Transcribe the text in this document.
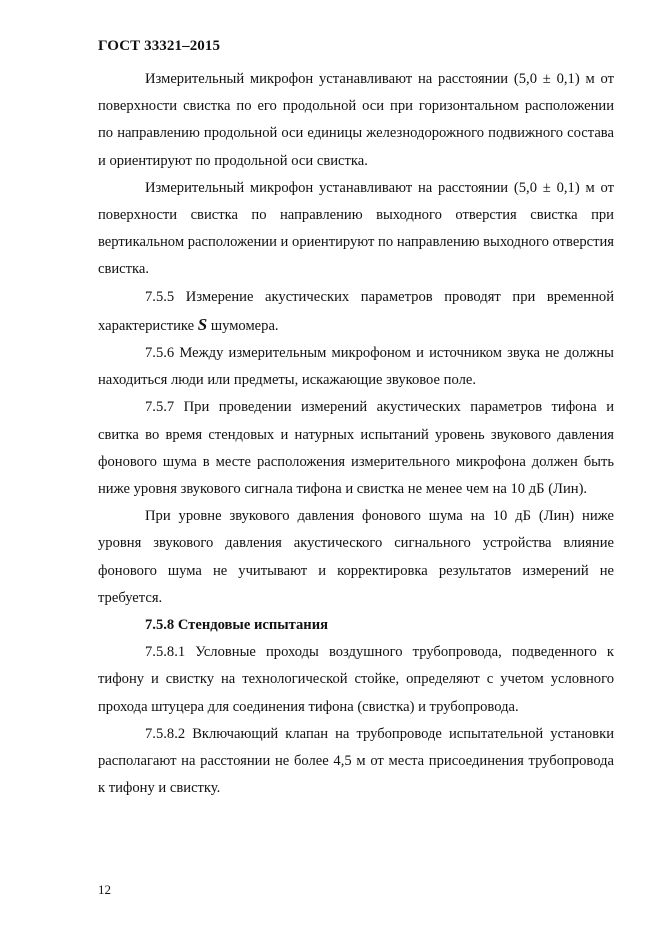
ГОСТ 33321–2015

Измерительный микрофон устанавливают на расстоянии (5,0 ± 0,1) м от поверхности свистка по его продольной оси при горизонтальном расположении по направлению продольной оси единицы железнодорожного подвижного состава и ориентируют по продольной оси свистка.

Измерительный микрофон устанавливают на расстоянии (5,0 ± 0,1) м от поверхности свистка по направлению выходного отверстия свистка при вертикальном расположении и ориентируют по направлению выходного отверстия свистка.

7.5.5 Измерение акустических параметров проводят при временной характеристике S шумомера.

7.5.6 Между измерительным микрофоном и источником звука не должны находиться люди или предметы, искажающие звуковое поле.

7.5.7 При проведении измерений акустических параметров тифона и свитка во время стендовых и натурных испытаний уровень звукового давления фонового шума в месте расположения измерительного микрофона должен быть ниже уровня звукового сигнала тифона и свистка не менее чем на 10 дБ (Лин).

При уровне звукового давления фонового шума на 10 дБ (Лин) ниже уровня звукового давления акустического сигнального устройства влияние фонового шума не учитывают и корректировка результатов измерений не требуется.

7.5.8 Стендовые испытания

7.5.8.1 Условные проходы воздушного трубопровода, подведенного к тифону и свистку на технологической стойке, определяют с учетом условного прохода штуцера для соединения тифона (свистка) и трубопровода.

7.5.8.2 Включающий клапан на трубопроводе испытательной установки располагают на расстоянии не более 4,5 м от места присоединения трубопровода к тифону и свистку.

12
